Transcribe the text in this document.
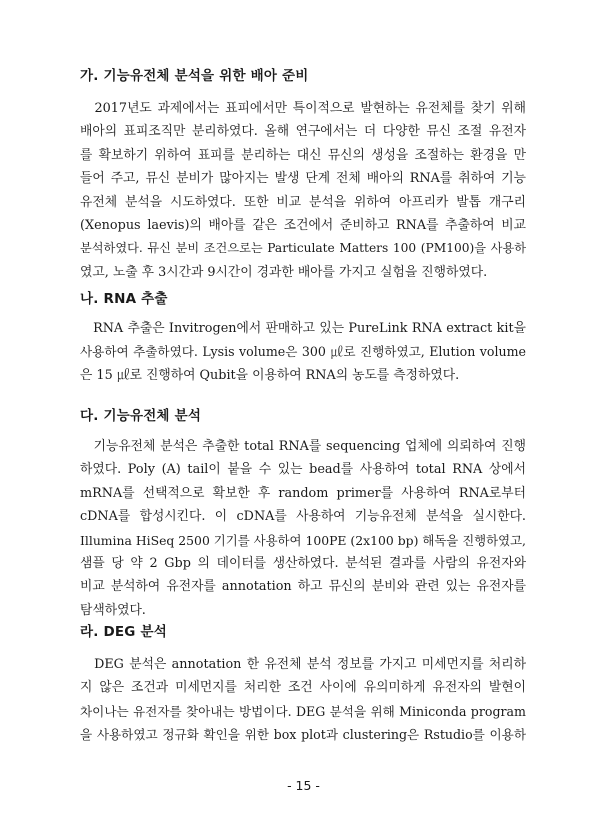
가. 기능유전체 분석을 위한 배아 준비
　2017년도 과제에서는 표피에서만 특이적으로 발현하는 유전체를 찾기 위해
배아의 표피조직만 분리하였다. 올해 연구에서는 더 다양한 뮤신 조절 유전자
를 확보하기 위하여 표피를 분리하는 대신 뮤신의 생성을 조절하는 환경을 만
들어 주고, 뮤신 분비가 많아지는 발생 단계 전체 배아의 RNA를 취하여 기능
유전체 분석을 시도하였다. 또한 비교 분석을 위하여 아프리카 발톱 개구리
(Xenopus laevis)의 배아를 같은 조건에서 준비하고 RNA를 추출하여 비교
분석하였다. 뮤신 분비 조건으로는 Particulate Matters 100 (PM100)을 사용하
였고, 노출 후 3시간과 9시간이 경과한 배아를 가지고 실험을 진행하였다.
나. RNA 추출
　RNA 추출은 Invitrogen에서 판매하고 있는 PureLink RNA extract kit을
사용하여 추출하였다. Lysis volume은 300 ㎕로 진행하였고, Elution volume
은 15 ㎕로 진행하여 Qubit을 이용하여 RNA의 농도를 측정하였다.
다. 기능유전체 분석
　기능유전체 분석은 추출한 total RNA를 sequencing 업체에 의뢰하여 진행
하였다. Poly (A) tail이 붙을 수 있는 bead를 사용하여 total RNA 상에서
mRNA를 선택적으로 확보한 후 random primer를 사용하여 RNA로부터
cDNA를 합성시킨다. 이 cDNA를 사용하여 기능유전체 분석을 실시한다.
Illumina HiSeq 2500 기기를 사용하여 100PE (2x100 bp) 해독을 진행하였고,
샘플 당 약 2 Gbp 의 데이터를 생산하였다. 분석된 결과를 사람의 유전자와
비교 분석하여 유전자를 annotation 하고 뮤신의 분비와 관련 있는 유전자를
탐색하였다.
라. DEG 분석
　DEG 분석은 annotation 한 유전체 분석 정보를 가지고 미세먼지를 처리하
지 않은 조건과 미세먼지를 처리한 조건 사이에 유의미하게 유전자의 발현이
차이나는 유전자를 찾아내는 방법이다. DEG 분석을 위해 Miniconda program
을 사용하였고 정규화 확인을 위한 box plot과 clustering은 Rstudio를 이용하
- 15 -
